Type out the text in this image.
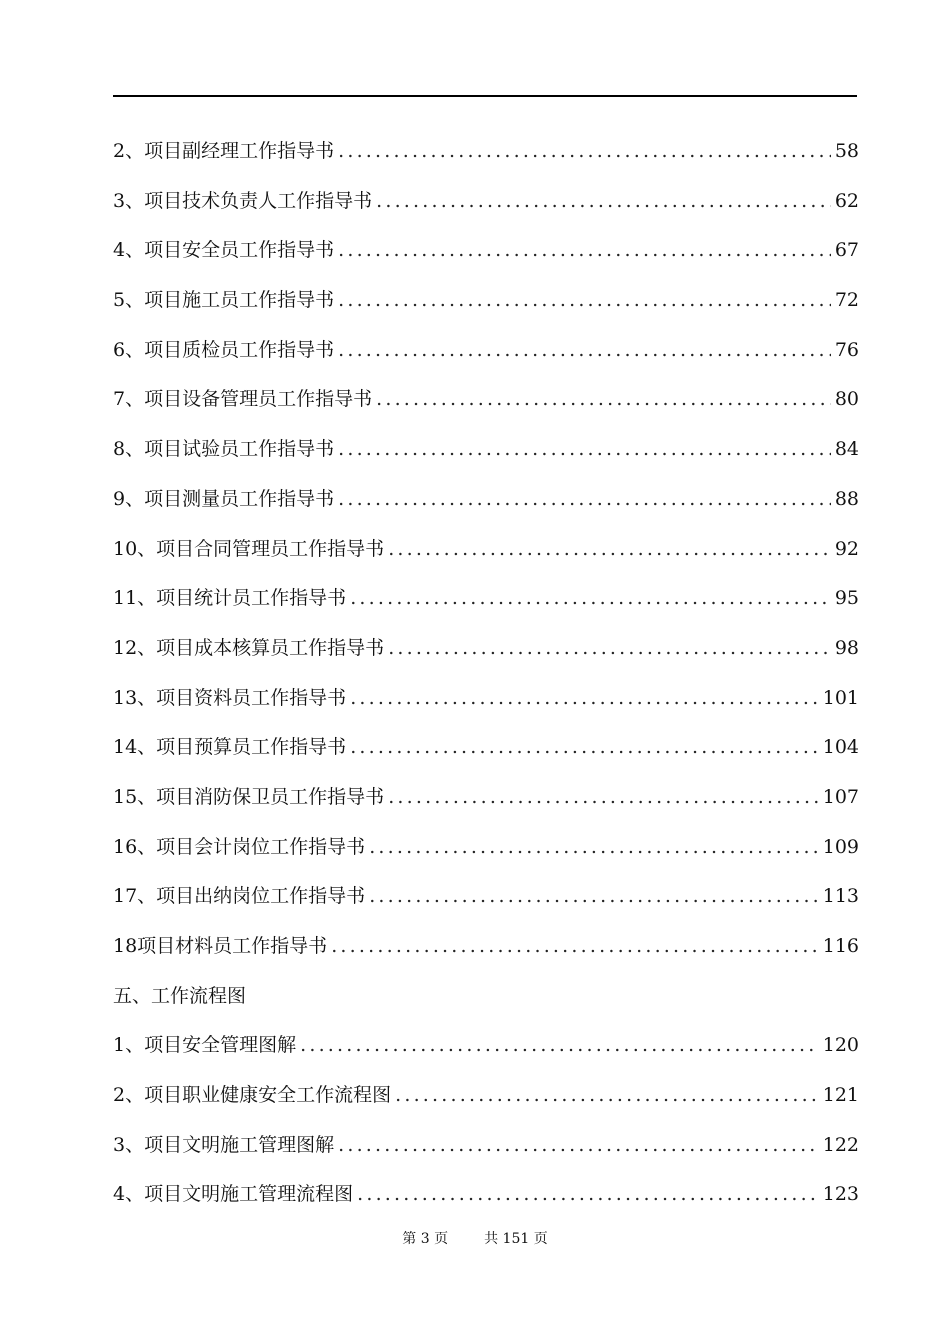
2、项目副经理工作指导书 .....	58
3、项目技术负责人工作指导书 .....	62
4、项目安全员工作指导书 .....	67
5、项目施工员工作指导书 .....	72
6、项目质检员工作指导书 .....	76
7、项目设备管理员工作指导书 .....	80
8、项目试验员工作指导书 .....	84
9、项目测量员工作指导书 .....	88
10、项目合同管理员工作指导书 .....	92
11、项目统计员工作指导书 .....	95
12、项目成本核算员工作指导书 .....	98
13、项目资料员工作指导书 .....	101
14、项目预算员工作指导书 .....	104
15、项目消防保卫员工作指导书 .....	107
16、项目会计岗位工作指导书 .....	109
17、项目出纳岗位工作指导书 .....	113
18项目材料员工作指导书 .....	116
五、工作流程图
1、项目安全管理图解 .....	120
2、项目职业健康安全工作流程图 .....	121
3、项目文明施工管理图解 .....	122
4、项目文明施工管理流程图 .....	123
第 3 页	共 151 页
